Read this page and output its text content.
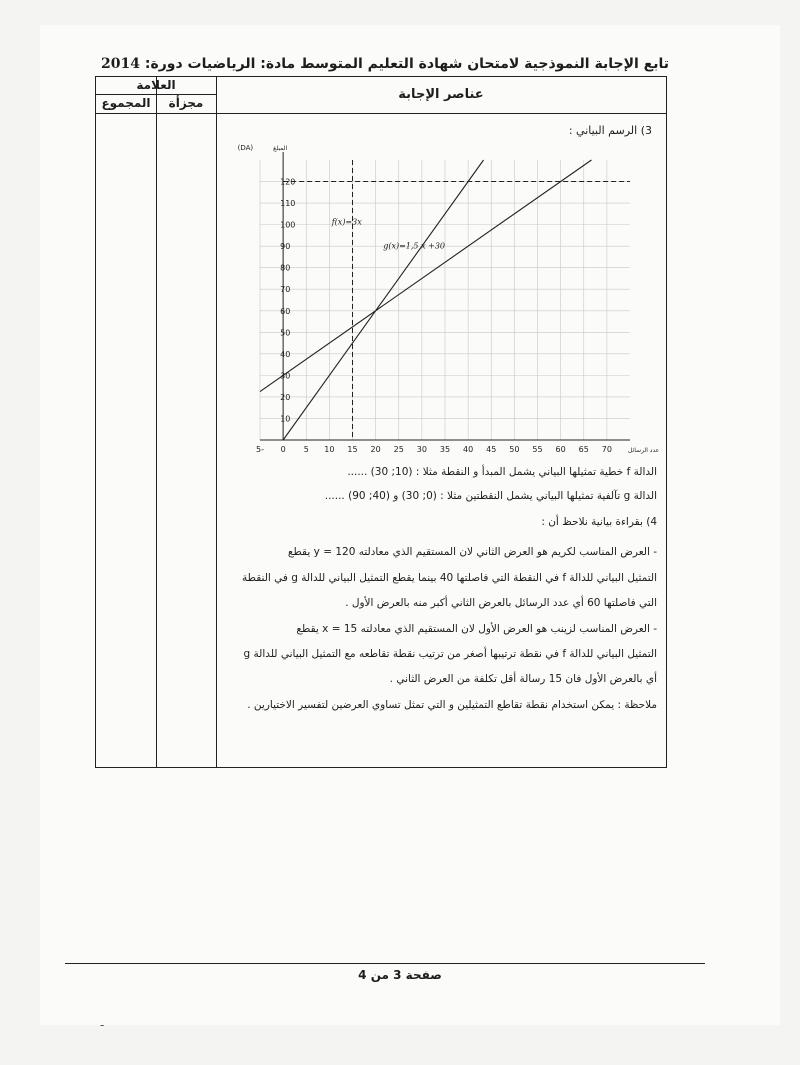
تابع الإجابة النموذجية لامتحان شهادة التعليم المتوسط مادة: الرياضيات دورة: 2014
العلامة
مجزأة
المجموع
عناصر الإجابة
3) الرسم البياني :
-5 0 5 10 15 20 25 30 35 40 45 50 55 60 65 70
10
20
30
40
50
60
70
80
90
100
110
120
(DA)	المبلغ
عدد الرسائل
f(x)=3x
g(x)=1,5 x +30
الدالة f خطية تمثيلها البياني يشمل المبدأ و النقطة مثلا : (10; 30) ......
الدالة g تآلفية تمثيلها البياني يشمل النقطتين مثلا : (0; 30) و (40; 90) ......
4) بقراءة بيانية نلاحظ أن :
- العرض المناسب لكريم هو العرض الثاني لان المستقيم الذي معادلته y = 120 يقطع
التمثيل البياني للدالة f في النقطة التي فاصلتها 40 بينما يقطع التمثيل البياني للدالة g في النقطة
التي فاصلتها 60 أي عدد الرسائل بالعرض الثاني أكبر منه بالعرض الأول .
- العرض المناسب لزينب هو العرض الأول لان المستقيم الذي معادلته x = 15 يقطع
التمثيل البياني للدالة f في نقطة ترتيبها أصغر من ترتيب نقطة تقاطعه مع التمثيل البياني للدالة g
أي بالعرض الأول فان 15 رسالة أقل تكلفة من العرض الثاني .
ملاحظة : يمكن استخدام نقطة تقاطع التمثيلين و التي تمثل تساوي العرضين لتفسير الاختيارين .
صفحة 3 من 4
-
